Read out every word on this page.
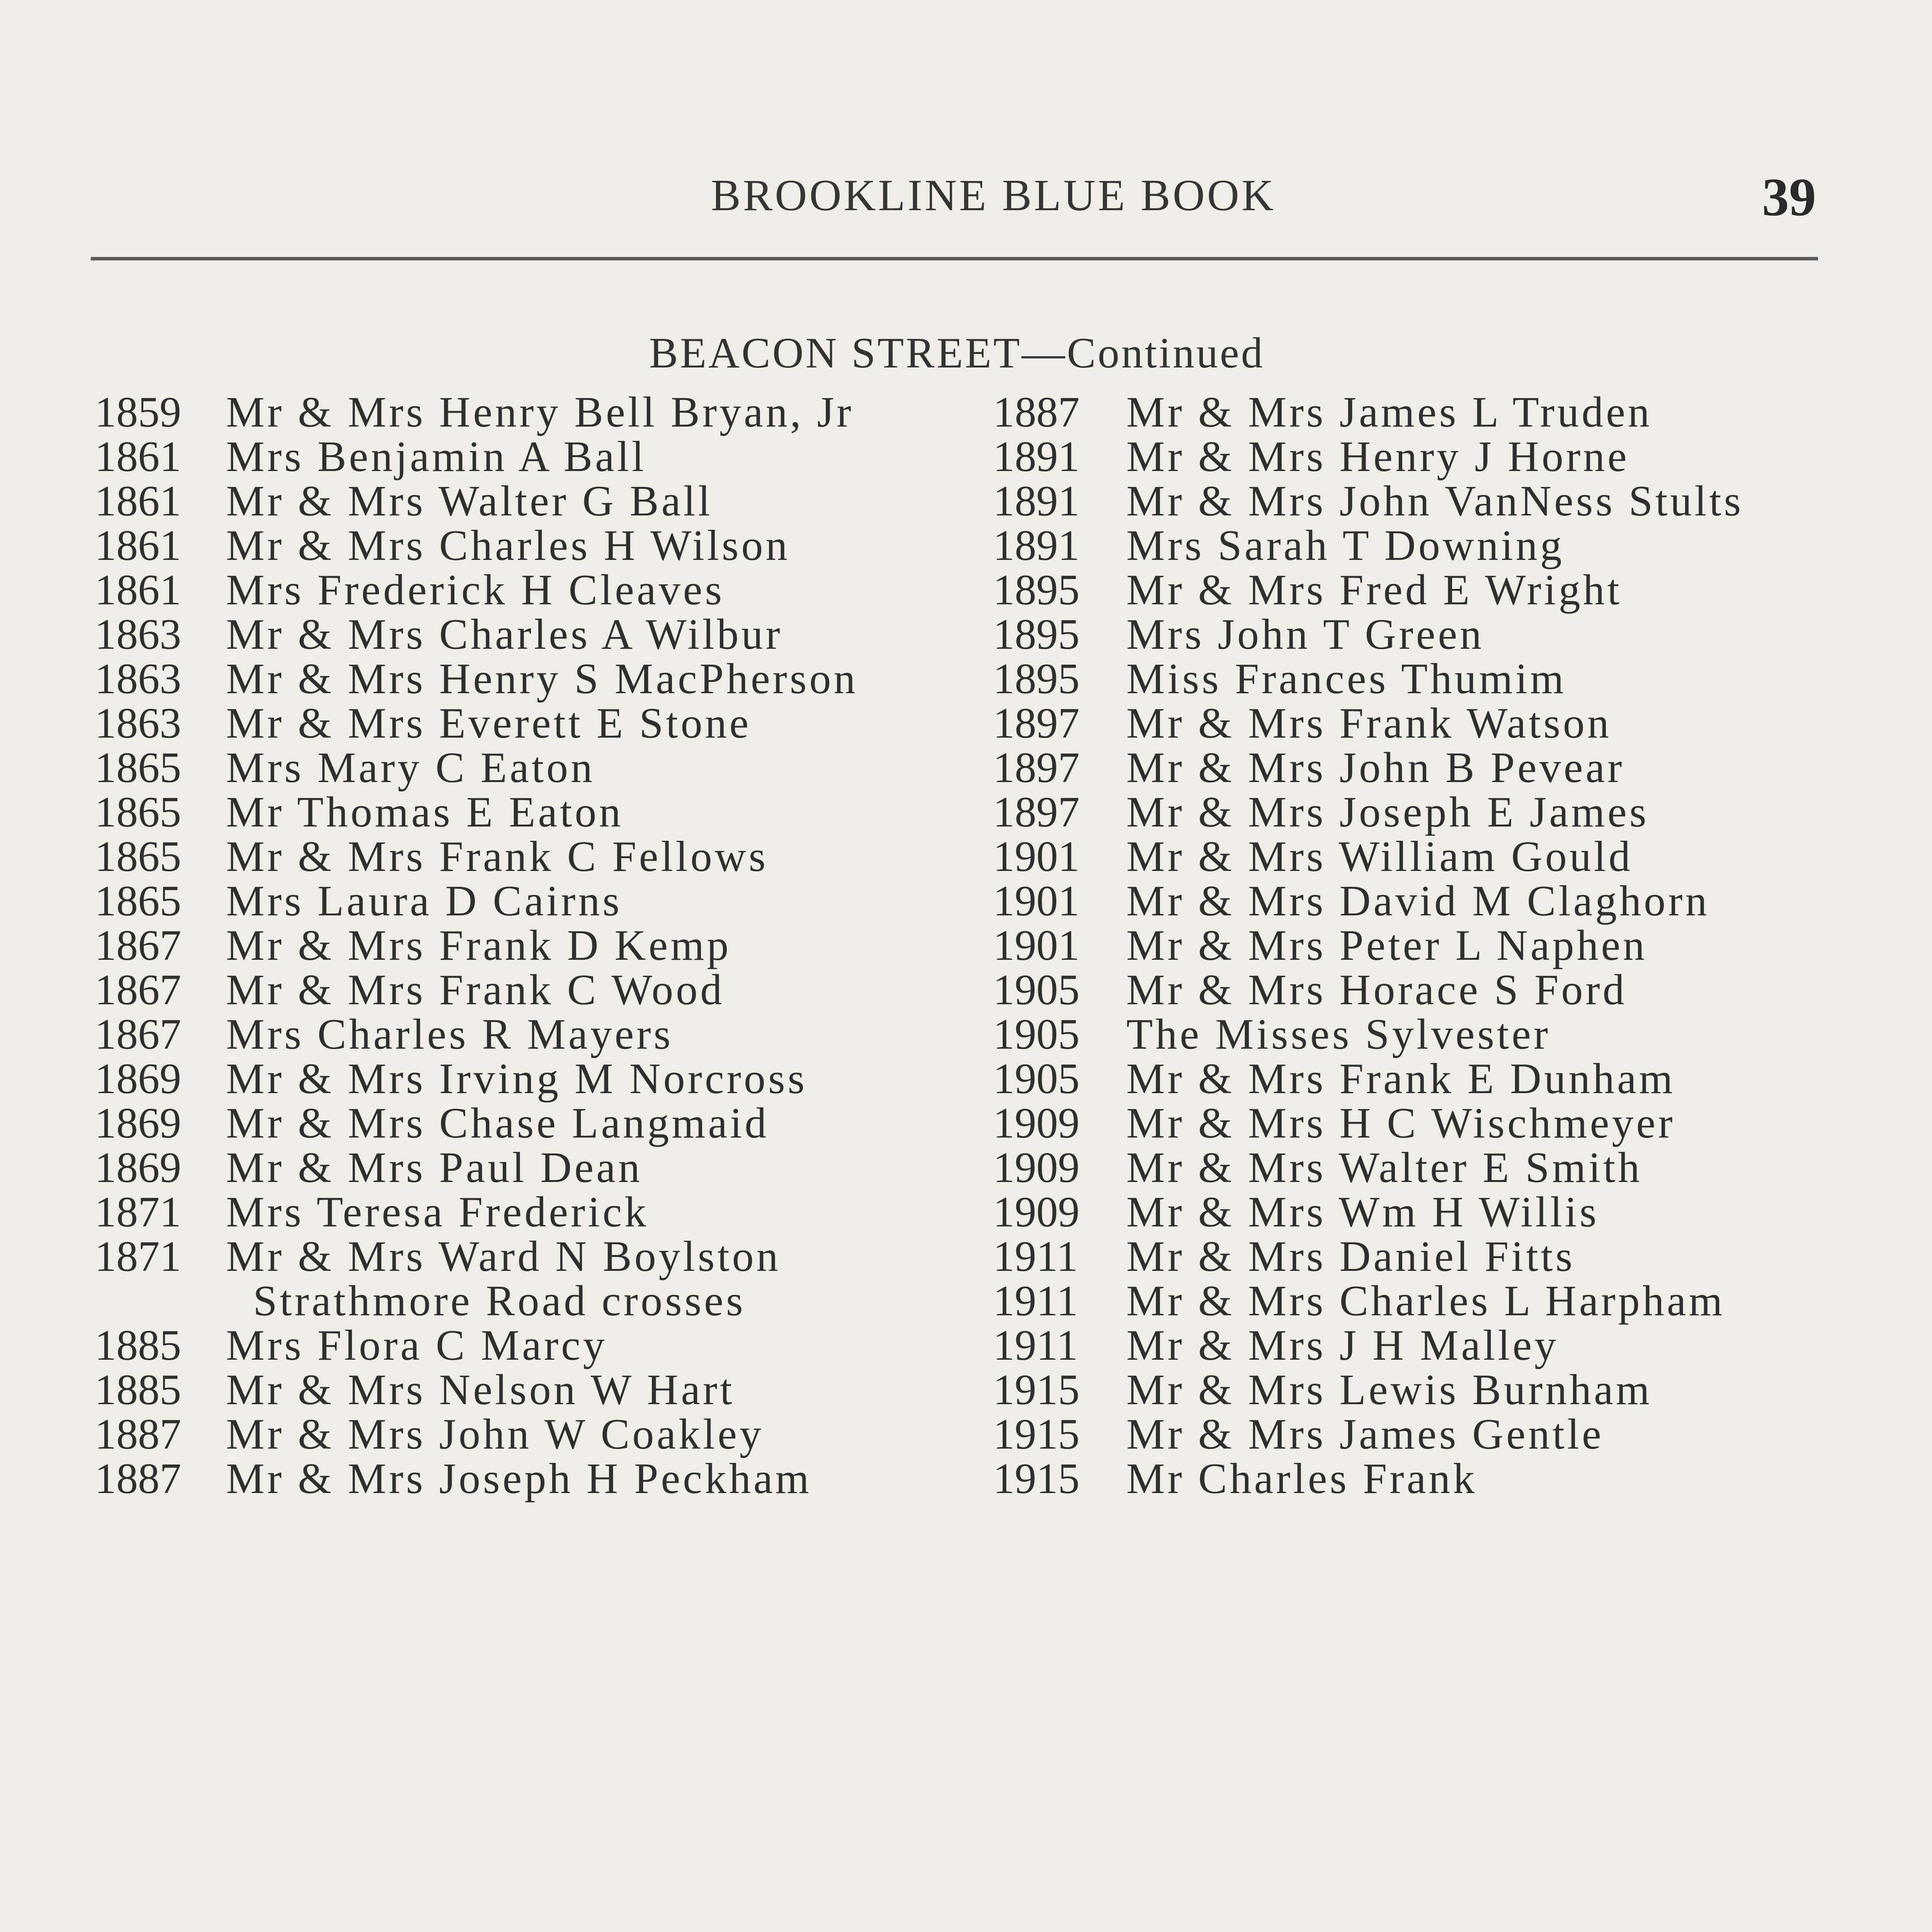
BROOKLINE BLUE BOOK	39
BEACON STREET—Continued
1859 Mr & Mrs Henry Bell Bryan, Jr
1861 Mrs Benjamin A Ball
1861 Mr & Mrs Walter G Ball
1861 Mr & Mrs Charles H Wilson
1861 Mrs Frederick H Cleaves
1863 Mr & Mrs Charles A Wilbur
1863 Mr & Mrs Henry S MacPherson
1863 Mr & Mrs Everett E Stone
1865 Mrs Mary C Eaton
1865 Mr Thomas E Eaton
1865 Mr & Mrs Frank C Fellows
1865 Mrs Laura D Cairns
1867 Mr & Mrs Frank D Kemp
1867 Mr & Mrs Frank C Wood
1867 Mrs Charles R Mayers
1869 Mr & Mrs Irving M Norcross
1869 Mr & Mrs Chase Langmaid
1869 Mr & Mrs Paul Dean
1871 Mrs Teresa Frederick
1871 Mr & Mrs Ward N Boylston
Strathmore Road crosses
1885 Mrs Flora C Marcy
1885 Mr & Mrs Nelson W Hart
1887 Mr & Mrs John W Coakley
1887 Mr & Mrs Joseph H Peckham
1887 Mr & Mrs James L Truden
1891 Mr & Mrs Henry J Horne
1891 Mr & Mrs John VanNess Stults
1891 Mrs Sarah T Downing
1895 Mr & Mrs Fred E Wright
1895 Mrs John T Green
1895 Miss Frances Thumim
1897 Mr & Mrs Frank Watson
1897 Mr & Mrs John B Pevear
1897 Mr & Mrs Joseph E James
1901 Mr & Mrs William Gould
1901 Mr & Mrs David M Claghorn
1901 Mr & Mrs Peter L Naphen
1905 Mr & Mrs Horace S Ford
1905 The Misses Sylvester
1905 Mr & Mrs Frank E Dunham
1909 Mr & Mrs H C Wischmeyer
1909 Mr & Mrs Walter E Smith
1909 Mr & Mrs Wm H Willis
1911 Mr & Mrs Daniel Fitts
1911 Mr & Mrs Charles L Harpham
1911 Mr & Mrs J H Malley
1915 Mr & Mrs Lewis Burnham
1915 Mr & Mrs James Gentle
1915 Mr Charles Frank
